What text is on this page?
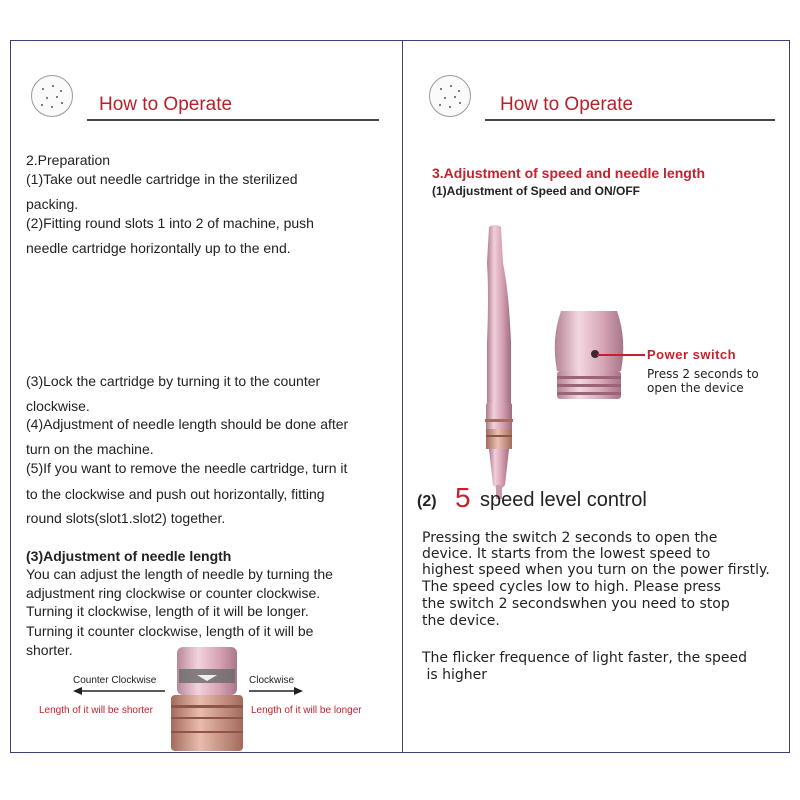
How to Operate
2.Preparation
(1)Take out needle cartridge in the sterilized
packing.
(2)Fitting round slots 1 into 2 of machine, push
needle cartridge horizontally up to the end.
(3)Lock the cartridge by turning it to the counter
clockwise.
(4)Adjustment of needle length should be done after
turn on the machine.
(5)If you want to remove the needle cartridge, turn it
to the clockwise and push out horizontally, fitting
round slots(slot1.slot2) together.
(3)Adjustment of needle length
You can adjust the length of needle by turning the
adjustment ring clockwise or counter clockwise.
Turning it clockwise, length of it will be longer.
Turning it counter clockwise, length of it will be
shorter.
Counter Clockwise	Clockwise
Length of it will be shorter	Length of it will be longer
How to Operate
3.Adjustment of speed and needle length
(1)Adjustment of Speed and ON/OFF
Power switch
Press 2 seconds to
open the device
(2) 5 speed level control
Pressing the switch 2 seconds to open the
device. It starts from the lowest speed to
highest speed when you turn on the power firstly.
The speed cycles low to high. Please press
the switch 2 secondswhen you need to stop
the device.
The flicker frequence of light faster, the speed
is higher
